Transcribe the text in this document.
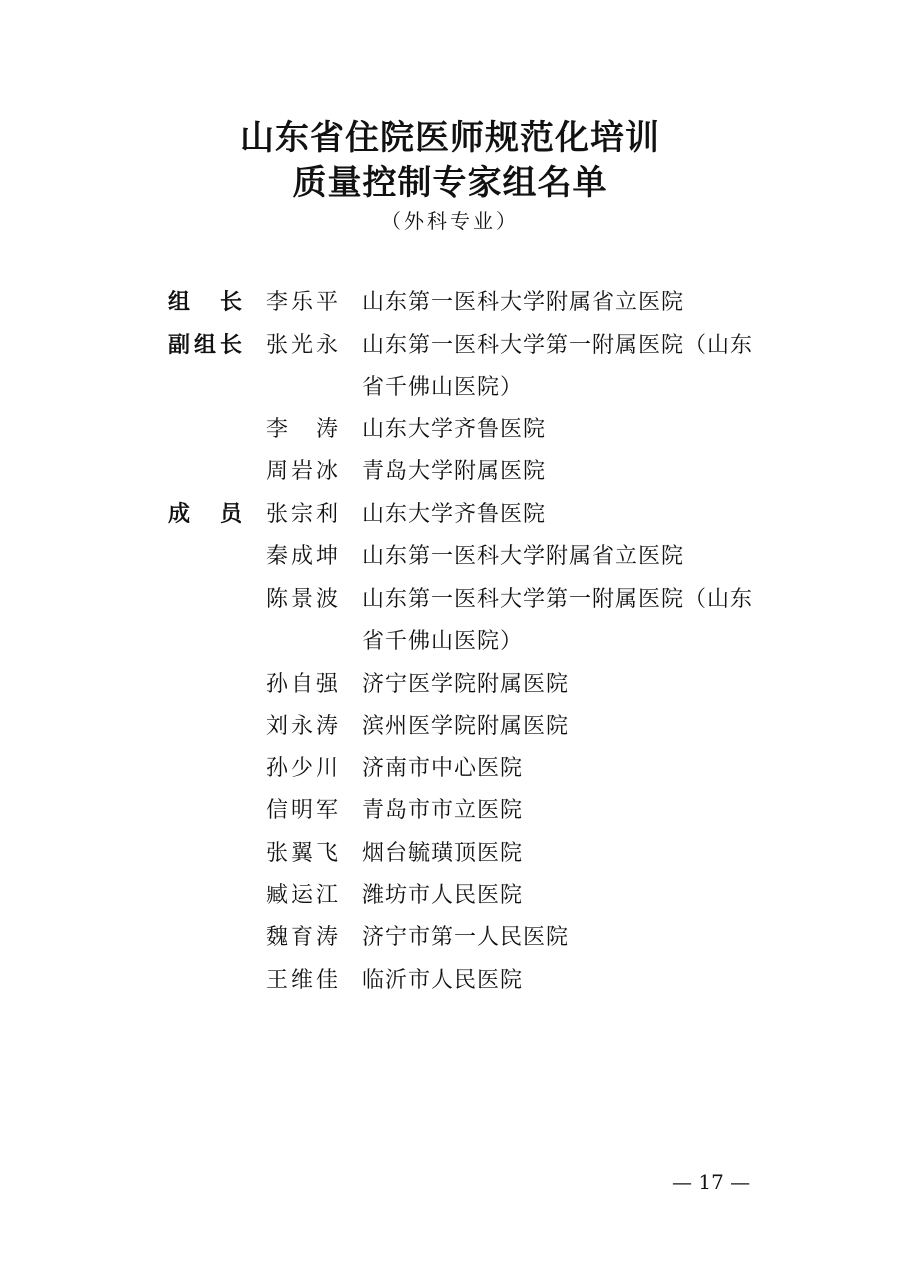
山东省住院医师规范化培训
质量控制专家组名单
（外科专业）
组长 李乐平 山东第一医科大学附属省立医院
副组长 张光永 山东第一医科大学第一附属医院（山东省千佛山医院）
李涛 山东大学齐鲁医院
周岩冰 青岛大学附属医院
成员 张宗利 山东大学齐鲁医院
秦成坤 山东第一医科大学附属省立医院
陈景波 山东第一医科大学第一附属医院（山东省千佛山医院）
孙自强 济宁医学院附属医院
刘永涛 滨州医学院附属医院
孙少川 济南市中心医院
信明军 青岛市市立医院
张翼飞 烟台毓璜顶医院
臧运江 潍坊市人民医院
魏育涛 济宁市第一人民医院
王维佳 临沂市人民医院
— 17 —
